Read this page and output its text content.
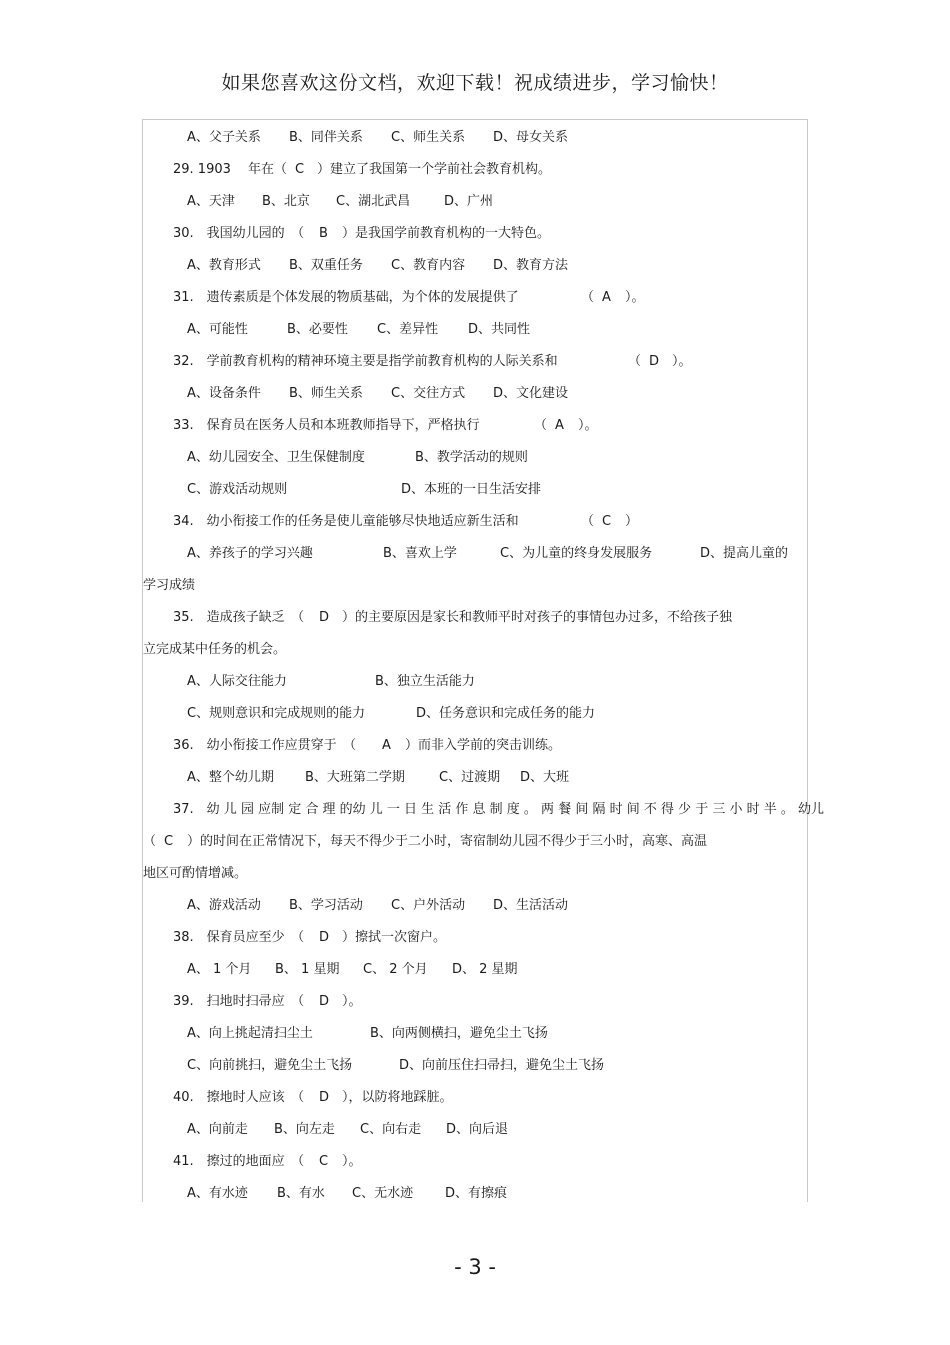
如果您喜欢这份文档，欢迎下载！祝成绩进步，学习愉快！
A、父子关系 B、同伴关系 C、师生关系 D、母女关系
29. 1903　 年在（ C ）建立了我国第一个学前社会教育机构。
A、天津 B、北京 C、湖北武昌	D、广州
30.　我国幼儿园的　（ B ）是我国学前教育机构的一大特色。
A、教育形式 B、双重任务 C、教育内容 D、教育方法
31.　遗传素质是个体发展的物质基础，为个体的发展提供了	（ A ）。
A、可能性	B、必要性 C、差异性 D、共同性
32.　学前教育机构的精神环境主要是指学前教育机构的人际关系和	（ D ）。
A、设备条件 B、师生关系 C、交往方式 D、文化建设
33.　保育员在医务人员和本班教师指导下，严格执行	（ A ）。
A、幼儿园安全、卫生保健制度	B、教学活动的规则
C、游戏活动规则	D、本班的一日生活安排
34.　幼小衔接工作的任务是使儿童能够尽快地适应新生活和	（ C ）
A、养孩子的学习兴趣	B、喜欢上学	C、为儿童的终身发展服务	D、提高儿童的
学习成绩
35.　造成孩子缺乏　（ D ）的主要原因是家长和教师平时对孩子的事情包办过多，不给孩子独
立完成某中任务的机会。
A、人际交往能力	B、独立生活能力
C、规则意识和完成规则的能力	D、任务意识和完成任务的能力
36.　幼小衔接工作应贯穿于　（ A ）而非入学前的突击训练。
A、整个幼儿期 B、大班第二学期	C、过渡期 D、大班
37.　幼 儿 园 应制 定 合 理 的幼 儿 一 日 生 活 作 息 制 度 。 两 餐 间 隔 时 间 不 得 少 于 三 小 时 半 。 幼儿
（ C ）的时间在正常情况下，每天不得少于二小时，寄宿制幼儿园不得少于三小时，高寒、高温
地区可酌情增减。
A、游戏活动 B、学习活动 C、户外活动 D、生活活动
38.　保育员应至少　（ D ）擦拭一次窗户。
A、 1 个月 B、 1 星期 C、 2 个月 D、 2 星期
39.　扫地时扫帚应　（ D ）。
A、向上挑起清扫尘土	B、向两侧横扫，避免尘土飞扬
C、向前挑扫，避免尘土飞扬	D、向前压住扫帚扫，避免尘土飞扬
40.　擦地时人应该　（ D ），以防将地踩脏。
A、向前走 B、向左走 C、向右走 D、向后退
41.　擦过的地面应　（ C ）。
A、有水迹 B、有水 C、无水迹 D、有擦痕
- 3 -
